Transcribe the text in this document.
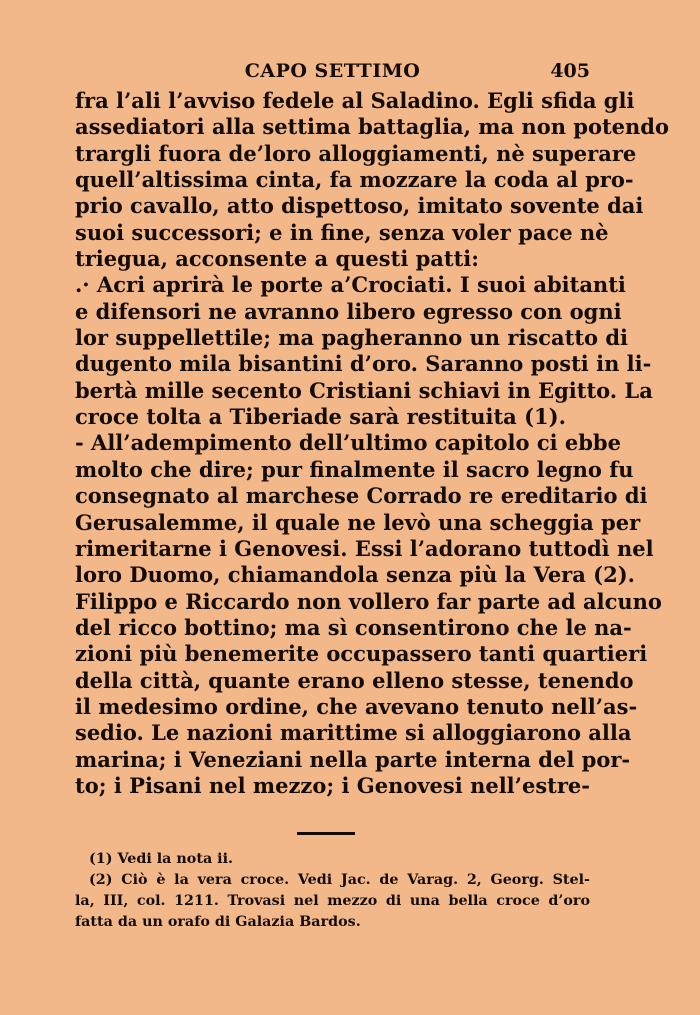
CAPO SETTIMO	405
fra l’ali l’avviso fedele al Saladino. Egli sfida gli
assediatori alla settima battaglia, ma non potendo
trargli fuora de’loro alloggiamenti, nè superare
quell’altissima cinta, fa mozzare la coda al pro-
prio cavallo, atto dispettoso, imitato sovente dai
suoi successori; e in fine, senza voler pace nè
triegua, acconsente a questi patti:
.· Acri aprirà le porte a’Crociati. I suoi abitanti
e difensori ne avranno libero egresso con ogni
lor suppellettile; ma pagheranno un riscatto di
dugento mila bisantini d’oro. Saranno posti in li-
bertà mille secento Cristiani schiavi in Egitto. La
croce tolta a Tiberiade sarà restituita (1).
- All’adempimento dell’ultimo capitolo ci ebbe
molto che dire; pur finalmente il sacro legno fu
consegnato al marchese Corrado re ereditario di
Gerusalemme, il quale ne levò una scheggia per
rimeritarne i Genovesi. Essi l’adorano tuttodì nel
loro Duomo, chiamandola senza più la Vera (2).
Filippo e Riccardo non vollero far parte ad alcuno
del ricco bottino; ma sì consentirono che le na-
zioni più benemerite occupassero tanti quartieri
della città, quante erano elleno stesse, tenendo
il medesimo ordine, che avevano tenuto nell’as-
sedio. Le nazioni marittime si alloggiarono alla
marina; i Veneziani nella parte interna del por-
to; i Pisani nel mezzo; i Genovesi nell’estre-
(1) Vedi la nota ii.
(2) Ciò è la vera croce. Vedi Jac. de Varag. 2, Georg. Stel-
la, III, col. 1211. Trovasi nel mezzo di una bella croce d’oro
fatta da un orafo di Galazia Bardos.
